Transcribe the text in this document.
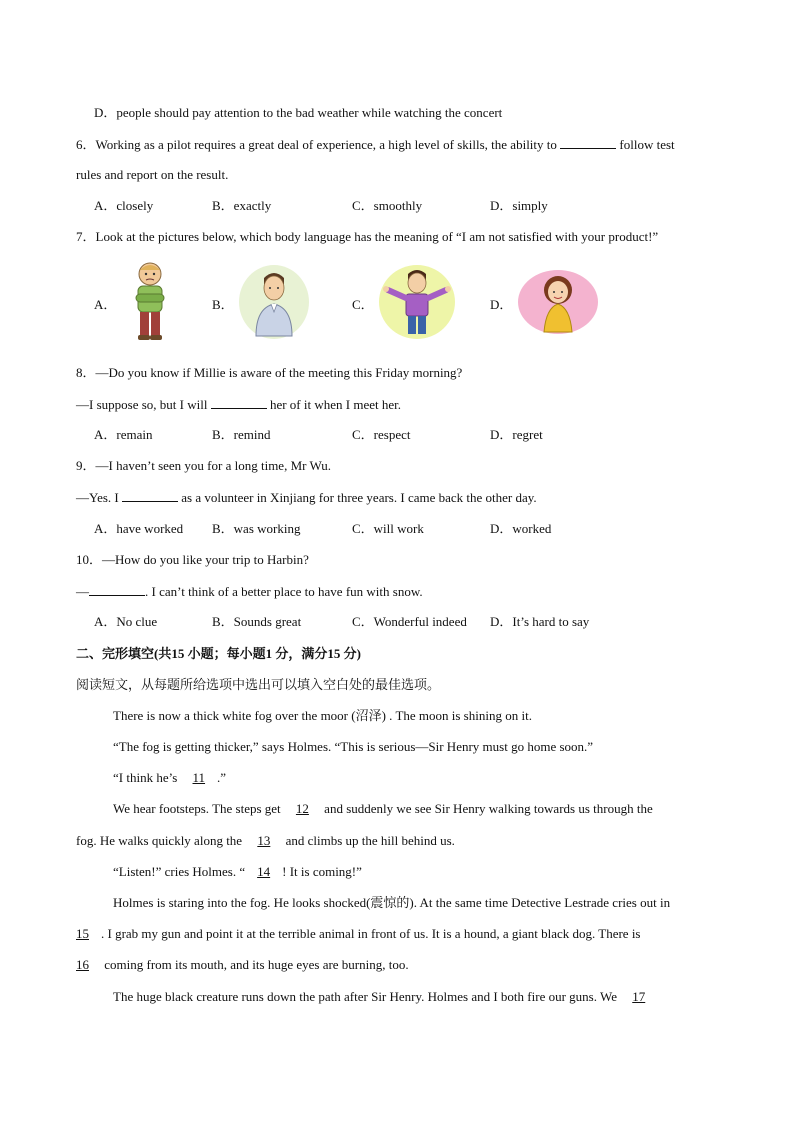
D．people should pay attention to the bad weather while watching the concert
6．Working as a pilot requires a great deal of experience, a high level of skills, the ability to	follow test
rules and report on the result.
A．closely	B．exactly	C．smoothly	D．simply
7．Look at the pictures below, which body language has the meaning of “I am not satisfied with your product!”
A．	B．	C．	D．
8．—Do you know if Millie is aware of the meeting this Friday morning?
—I suppose so, but I will	her of it when I meet her.
A．remain	B．remind	C．respect	D．regret
9．—I haven’t seen you for a long time, Mr Wu.
—Yes. I	as a volunteer in Xinjiang for three years. I came back the other day.
A．have worked B．was working	C．will work	D．worked
10．—How do you like your trip to Harbin?
—	. I can’t think of a better place to have fun with snow.
A．No clue	B．Sounds great	C．Wonderful indeed D．It’s hard to say
二、完形填空(共15 小题；每小题1 分，满分15 分)
阅读短文，从每题所给选项中选出可以填入空白处的最佳选项。
There is now a thick white fog over the moor (沼泽) . The moon is shining on it.
“The fog is getting thicker,” says Holmes. “This is serious—Sir Henry must go home soon.”
“I think he’s 11 .”
We hear footsteps. The steps get 12 and suddenly we see Sir Henry walking towards us through the
fog. He walks quickly along the 13 and climbs up the hill behind us.
“Listen!” cries Holmes. “ 14 ! It is coming!”
Holmes is staring into the fog. He looks shocked(震惊的). At the same time Detective Lestrade cries out in
15 . I grab my gun and point it at the terrible animal in front of us. It is a hound, a giant black dog. There is
16 coming from its mouth, and its huge eyes are burning, too.
The huge black creature runs down the path after Sir Henry. Holmes and I both fire our guns. We 17
